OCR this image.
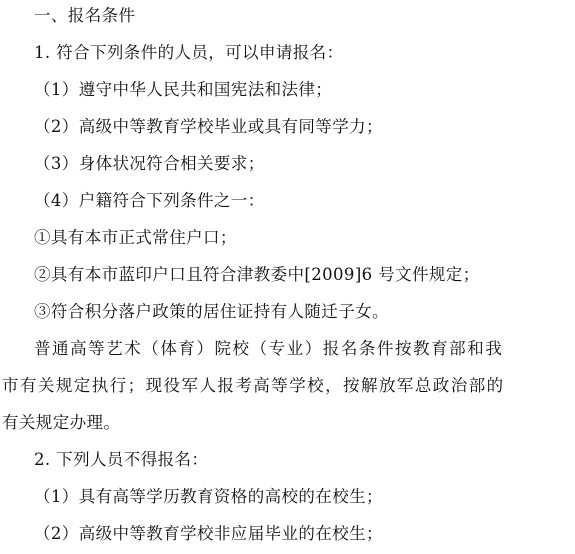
一、报名条件
1. 符合下列条件的人员，可以申请报名：
（1）遵守中华人民共和国宪法和法律；
（2）高级中等教育学校毕业或具有同等学力；
（3）身体状况符合相关要求；
（4）户籍符合下列条件之一：
①具有本市正式常住户口；
②具有本市蓝印户口且符合津教委中[2009]6 号文件规定；
③符合积分落户政策的居住证持有人随迁子女。
普通高等艺术（体育）院校（专业）报名条件按教育部和我
市有关规定执行；现役军人报考高等学校，按解放军总政治部的
有关规定办理。
2. 下列人员不得报名：
（1）具有高等学历教育资格的高校的在校生；
（2）高级中等教育学校非应届毕业的在校生；
